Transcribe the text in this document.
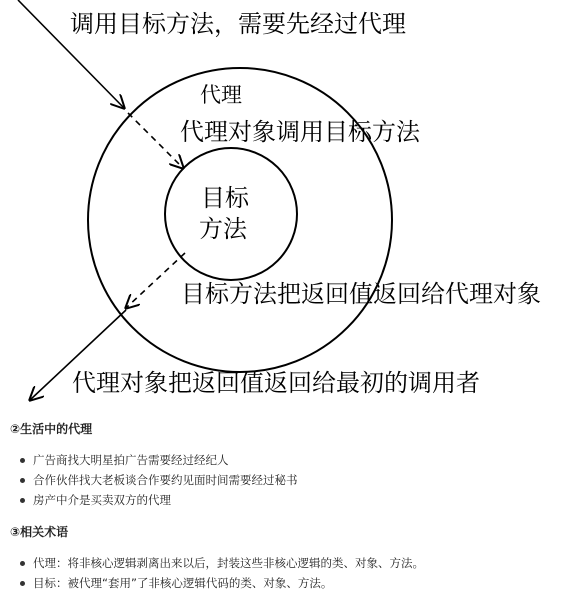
调用目标方法，需要先经过代理
代理
代理对象调用目标方法
目标
方法
目标方法把返回值返回给代理对象
代理对象把返回值返回给最初的调用者

②生活中的代理

广告商找大明星拍广告需要经过经纪人
合作伙伴找大老板谈合作要约见面时间需要经过秘书
房产中介是买卖双方的代理

③相关术语

代理：将非核心逻辑剥离出来以后，封装这些非核心逻辑的类、对象、方法。
目标：被代理“套用”了非核心逻辑代码的类、对象、方法。
